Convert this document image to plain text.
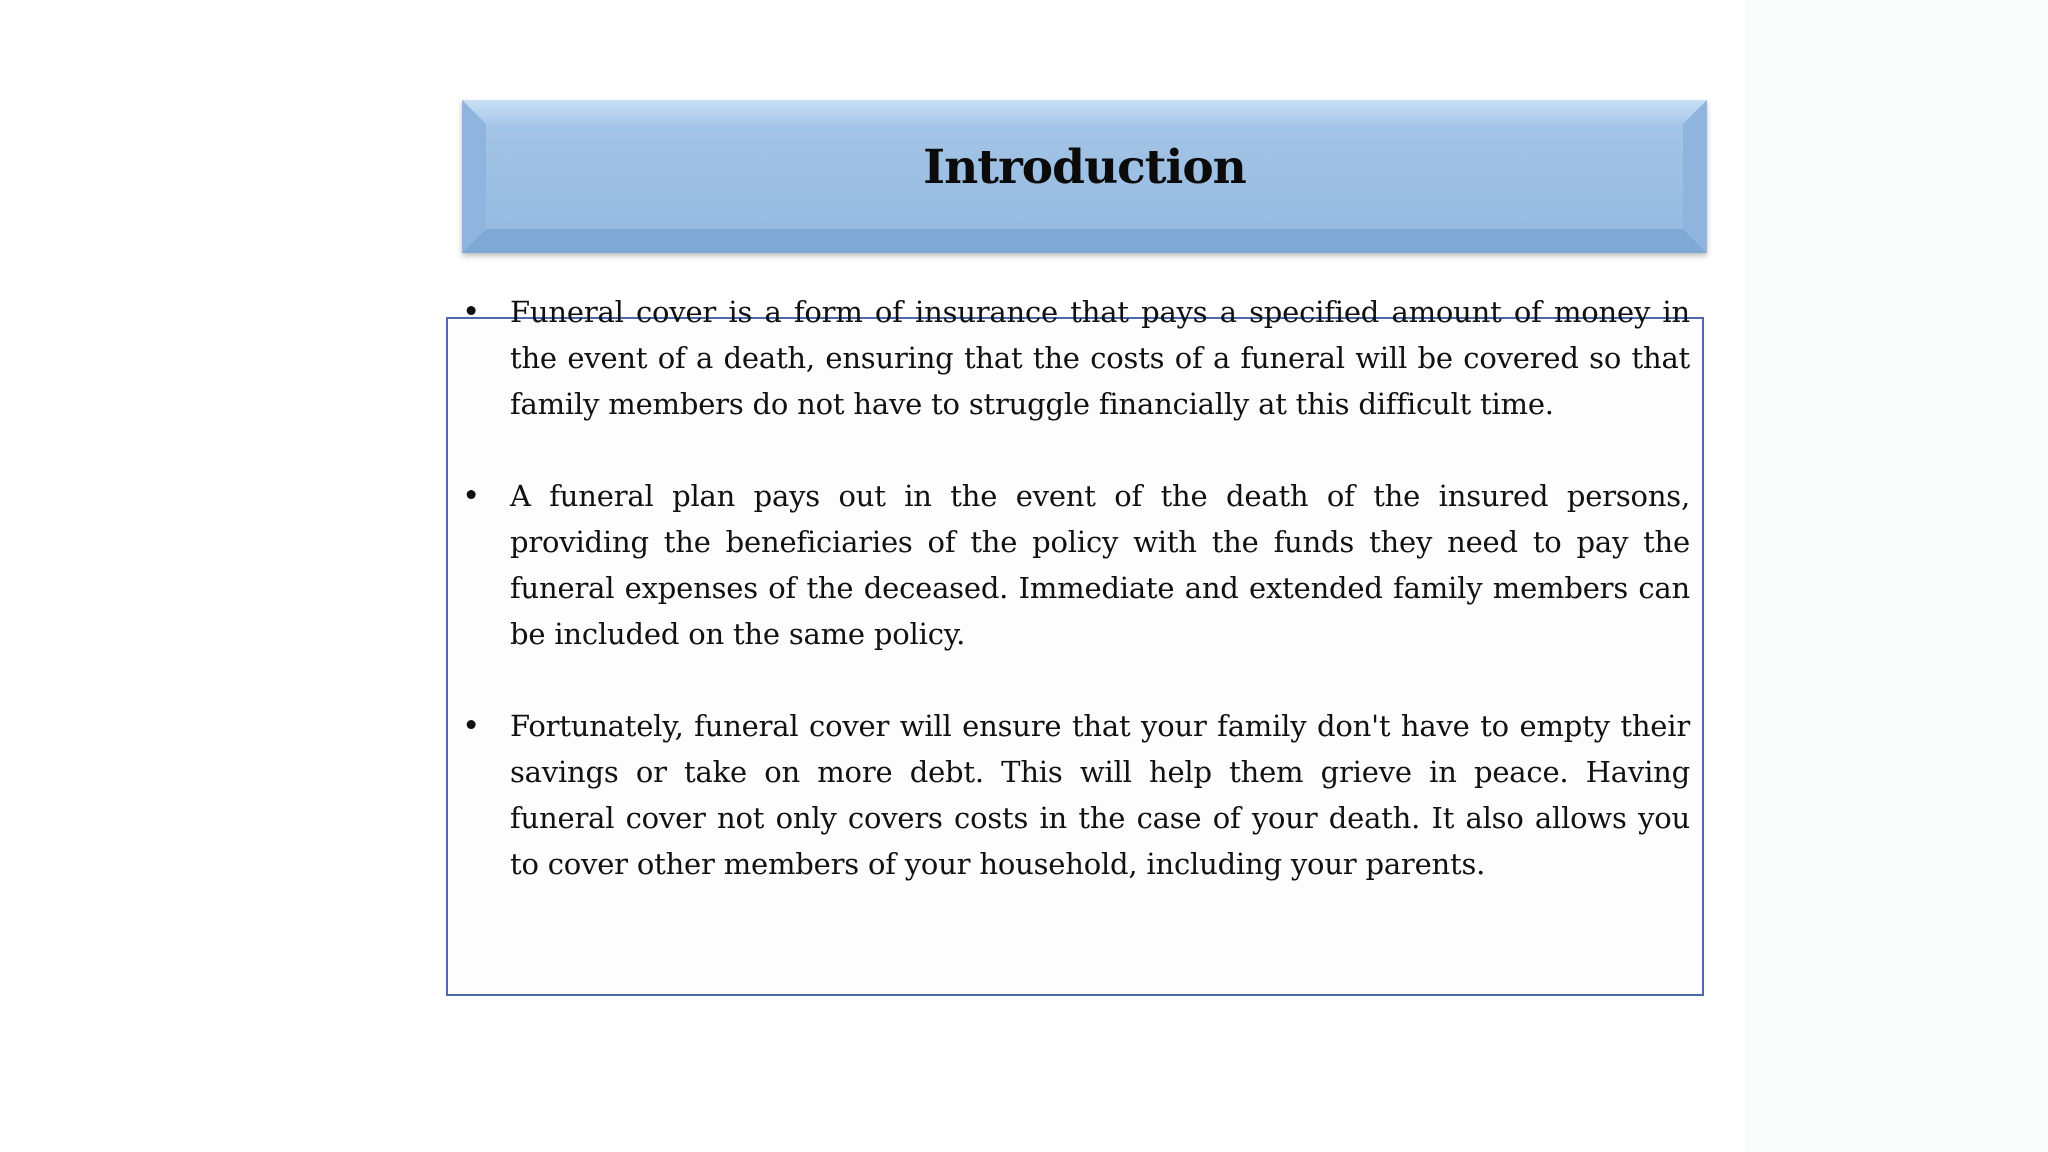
Introduction
• Funeral cover is a form of insurance that pays a specified amount of money in the event of a death, ensuring that the costs of a funeral will be covered so that family members do not have to struggle financially at this difficult time.
• A funeral plan pays out in the event of the death of the insured persons, providing the beneficiaries of the policy with the funds they need to pay the funeral expenses of the deceased. Immediate and extended family members can be included on the same policy.
• Fortunately, funeral cover will ensure that your family don't have to empty their savings or take on more debt. This will help them grieve in peace. Having funeral cover not only covers costs in the case of your death. It also allows you to cover other members of your household, including your parents.
